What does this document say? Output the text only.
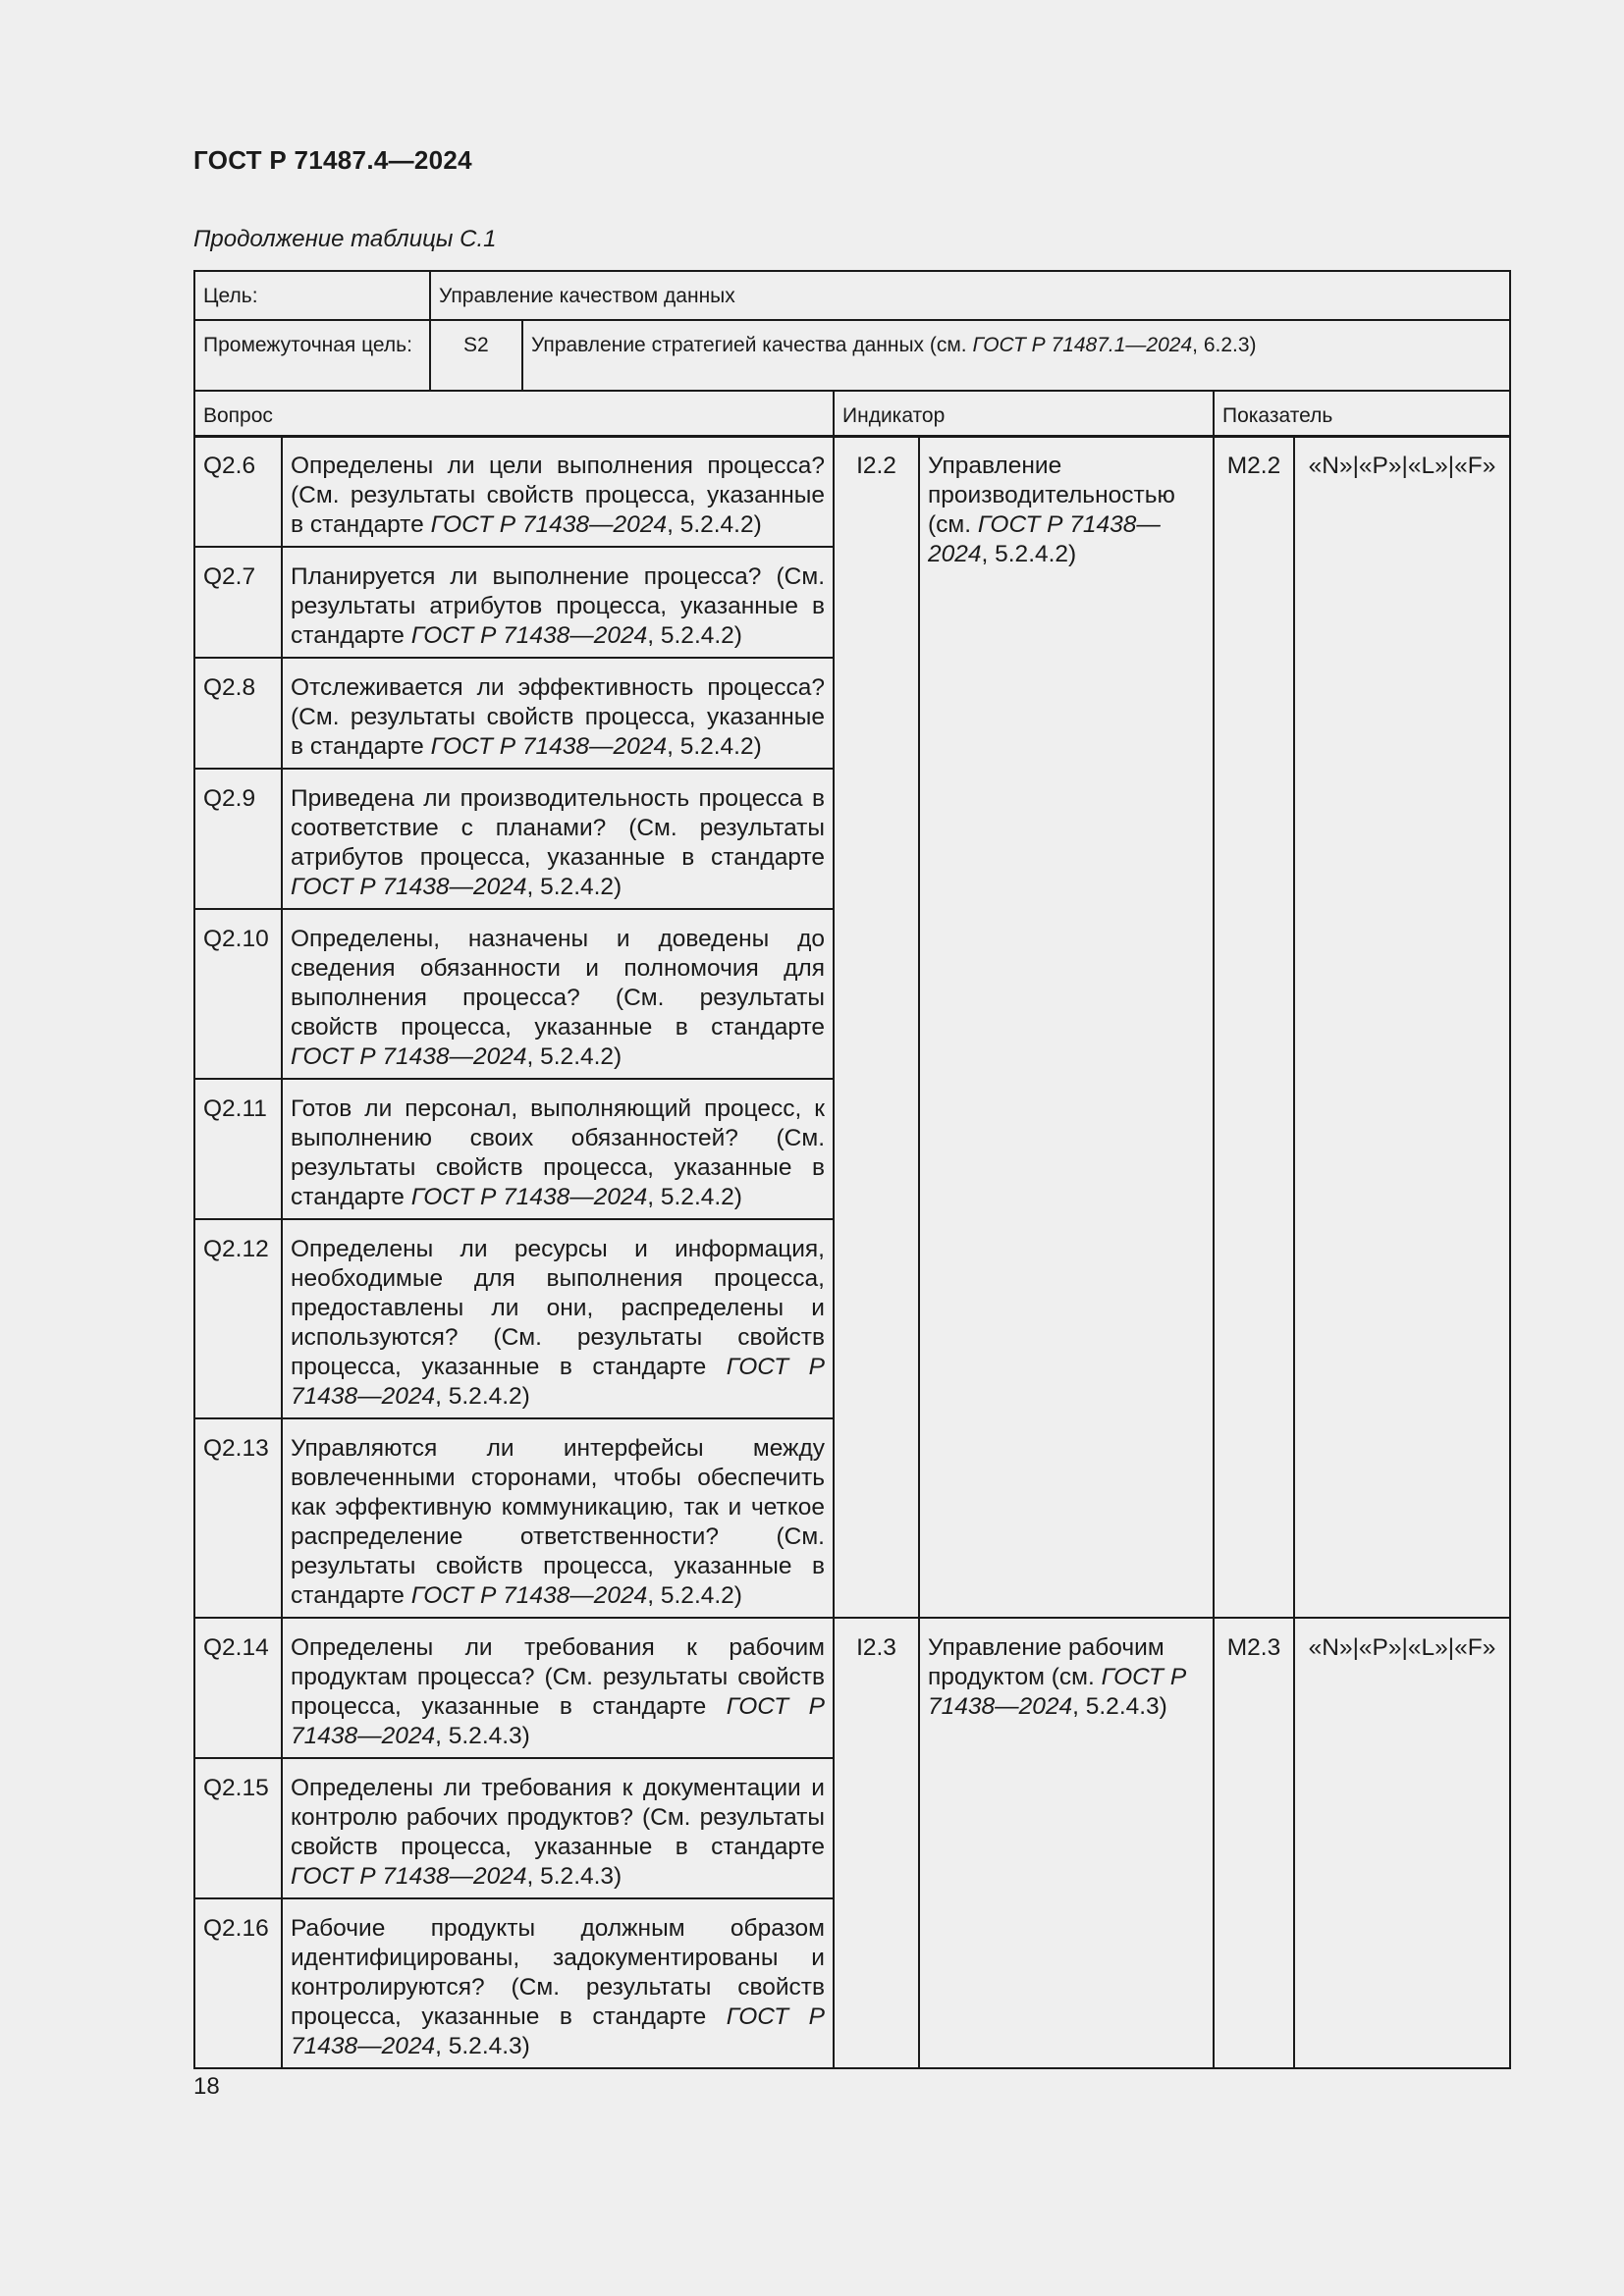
ГОСТ Р 71487.4—2024
Продолжение таблицы С.1
Цель:	Управление качеством данных			
Промежуточная цель:	S2	Управление стратегией качества данных (см. ГОСТ Р 71487.1—2024, 6.2.3)		
Вопрос			Индикатор	Показатель
Q2.6	Определены ли цели выполнения процесса? (См. результаты свойств процесса, указанные в стандарте ГОСТ Р 71438—2024, 5.2.4.2)	I2.2	Управление производительностью (см. ГОСТ Р 71438—2024, 5.2.4.2)	M2.2	«N»|«P»|«L»|«F»
Q2.7	Планируется ли выполнение процесса? (См. результаты атрибутов процесса, указанные в стандарте ГОСТ Р 71438—2024, 5.2.4.2)				
Q2.8	Отслеживается ли эффективность процесса? (См. результаты свойств процесса, указанные в стандарте ГОСТ Р 71438—2024, 5.2.4.2)				
Q2.9	Приведена ли производительность процесса в соответствие с планами? (См. результаты атрибутов процесса, указанные в стандарте ГОСТ Р 71438—2024, 5.2.4.2)				
Q2.10	Определены, назначены и доведены до сведения обязанности и полномочия для выполнения процесса? (См. результаты свойств процесса, указанные в стандарте ГОСТ Р 71438—2024, 5.2.4.2)				
Q2.11	Готов ли персонал, выполняющий процесс, к выполнению своих обязанностей? (См. результаты свойств процесса, указанные в стандарте ГОСТ Р 71438—2024, 5.2.4.2)				
Q2.12	Определены ли ресурсы и информация, необходимые для выполнения процесса, предоставлены ли они, распределены и используются? (См. результаты свойств процесса, указанные в стандарте ГОСТ Р 71438—2024, 5.2.4.2)				
Q2.13	Управляются ли интерфейсы между вовлеченными сторонами, чтобы обеспечить как эффективную коммуникацию, так и четкое распределение ответственности? (См. результаты свойств процесса, указанные в стандарте ГОСТ Р 71438—2024, 5.2.4.2)				
Q2.14	Определены ли требования к рабочим продуктам процесса? (См. результаты свойств процесса, указанные в стандарте ГОСТ Р 71438—2024, 5.2.4.3)	I2.3	Управление рабочим продуктом (см. ГОСТ Р 71438—2024, 5.2.4.3)	M2.3	«N»|«P»|«L»|«F»
Q2.15	Определены ли требования к документации и контролю рабочих продуктов? (См. результаты свойств процесса, указанные в стандарте ГОСТ Р 71438—2024, 5.2.4.3)				
Q2.16	Рабочие продукты должным образом идентифицированы, задокументированы и контролируются? (См. результаты свойств процесса, указанные в стандарте ГОСТ Р 71438—2024, 5.2.4.3)				
18
